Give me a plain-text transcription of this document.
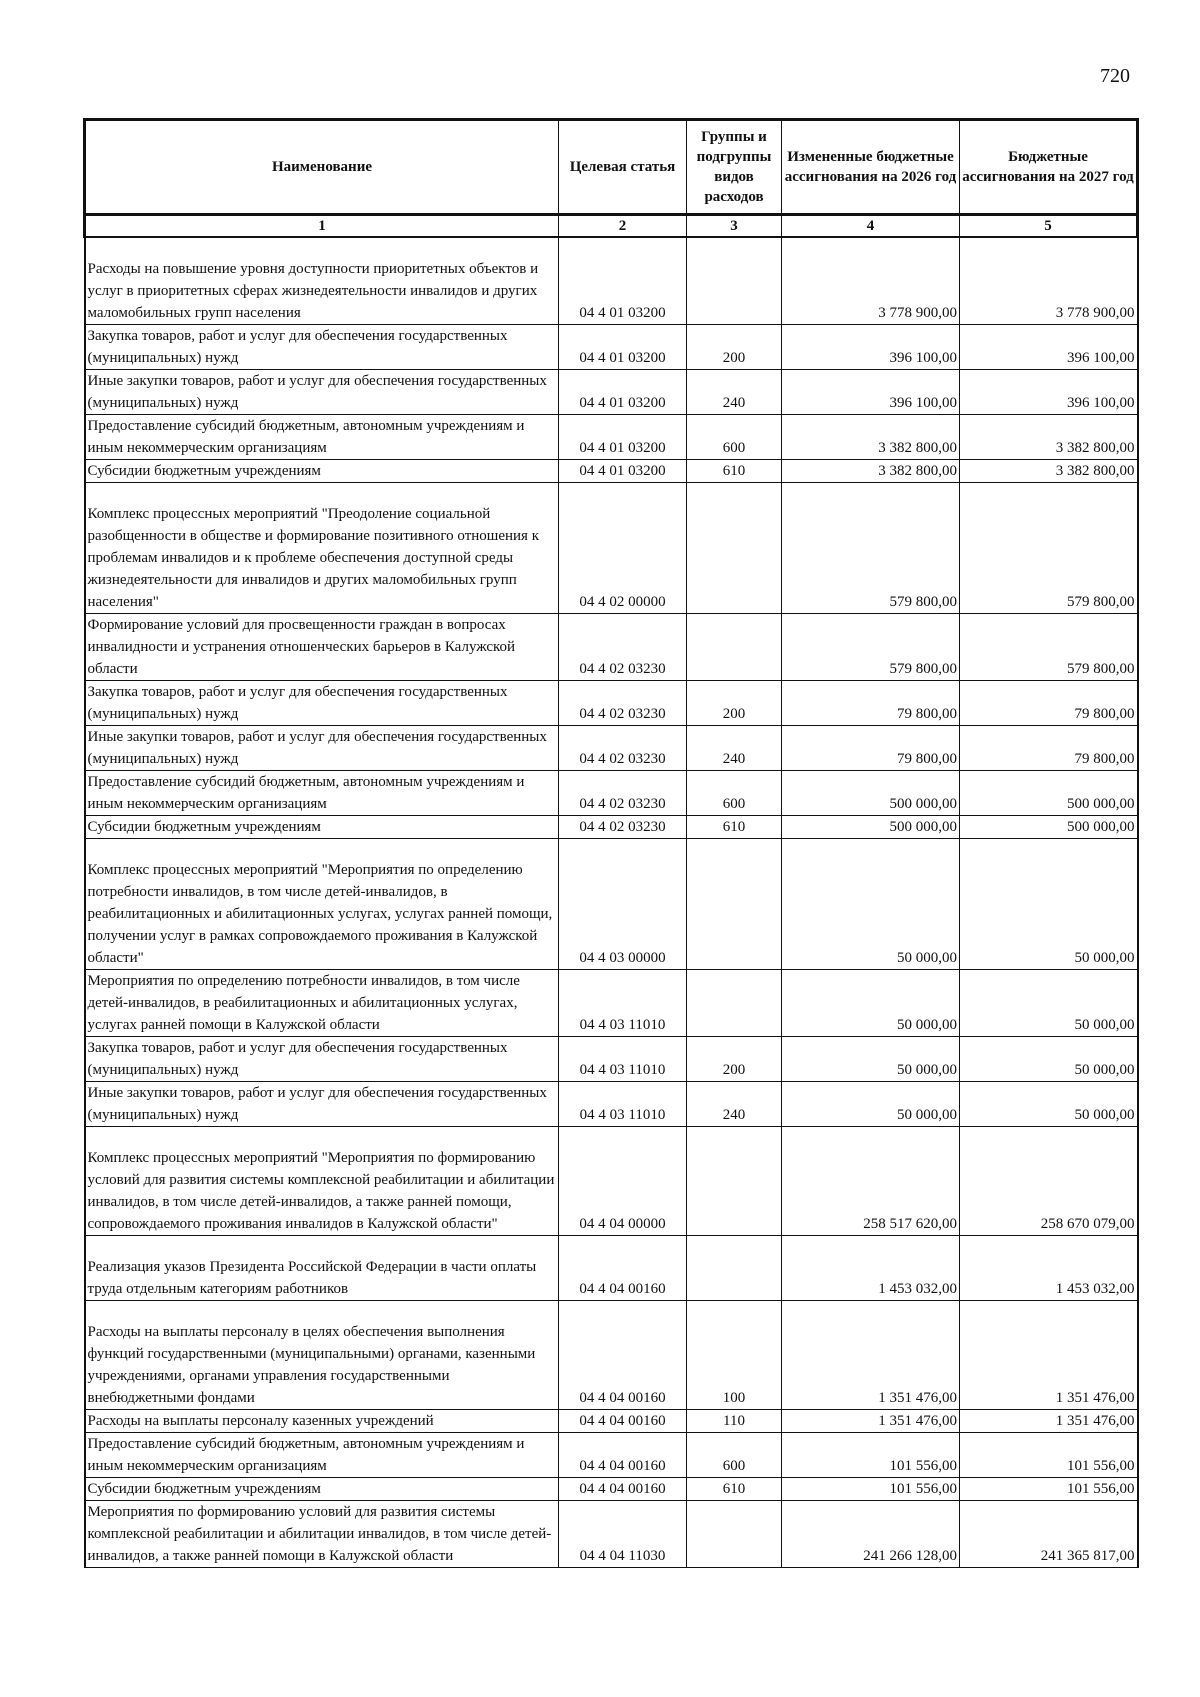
720
Наименование	Целевая статья	Группы и подгруппы видов расходов	Измененные бюджетные ассигнования на 2026 год	Бюджетные ассигнования на 2027 год
1	2	3	4	5
Расходы на повышение уровня доступности приоритетных объектов и услуг в приоритетных сферах жизнедеятельности инвалидов и других маломобильных групп населения	04 4 01 03200		3 778 900,00	3 778 900,00
Закупка товаров, работ и услуг для обеспечения государственных (муниципальных) нужд	04 4 01 03200	200	396 100,00	396 100,00
Иные закупки товаров, работ и услуг для обеспечения государственных (муниципальных) нужд	04 4 01 03200	240	396 100,00	396 100,00
Предоставление субсидий бюджетным, автономным учреждениям и иным некоммерческим организациям	04 4 01 03200	600	3 382 800,00	3 382 800,00
Субсидии бюджетным учреждениям	04 4 01 03200	610	3 382 800,00	3 382 800,00
Комплекс процессных мероприятий "Преодоление социальной разобщенности в обществе и формирование позитивного отношения к проблемам инвалидов и к проблеме обеспечения доступной среды жизнедеятельности для инвалидов и других маломобильных групп населения"	04 4 02 00000		579 800,00	579 800,00
Формирование условий для просвещенности граждан в вопросах инвалидности и устранения отношенческих барьеров в Калужской области	04 4 02 03230		579 800,00	579 800,00
Закупка товаров, работ и услуг для обеспечения государственных (муниципальных) нужд	04 4 02 03230	200	79 800,00	79 800,00
Иные закупки товаров, работ и услуг для обеспечения государственных (муниципальных) нужд	04 4 02 03230	240	79 800,00	79 800,00
Предоставление субсидий бюджетным, автономным учреждениям и иным некоммерческим организациям	04 4 02 03230	600	500 000,00	500 000,00
Субсидии бюджетным учреждениям	04 4 02 03230	610	500 000,00	500 000,00
Комплекс процессных мероприятий "Мероприятия по определению потребности инвалидов, в том числе детей-инвалидов, в реабилитационных и абилитационных услугах, услугах ранней помощи, получении услуг в рамках сопровождаемого проживания в Калужской области"	04 4 03 00000		50 000,00	50 000,00
Мероприятия по определению потребности инвалидов, в том числе детей-инвалидов, в реабилитационных и абилитационных услугах, услугах ранней помощи в Калужской области	04 4 03 11010		50 000,00	50 000,00
Закупка товаров, работ и услуг для обеспечения государственных (муниципальных) нужд	04 4 03 11010	200	50 000,00	50 000,00
Иные закупки товаров, работ и услуг для обеспечения государственных (муниципальных) нужд	04 4 03 11010	240	50 000,00	50 000,00
Комплекс процессных мероприятий "Мероприятия по формированию условий для развития системы комплексной реабилитации и абилитации инвалидов, в том числе детей-инвалидов, а также ранней помощи, сопровождаемого проживания инвалидов в Калужской области"	04 4 04 00000		258 517 620,00	258 670 079,00
Реализация указов Президента Российской Федерации в части оплаты труда отдельным категориям работников	04 4 04 00160		1 453 032,00	1 453 032,00
Расходы на выплаты персоналу в целях обеспечения выполнения функций государственными (муниципальными) органами, казенными учреждениями, органами управления государственными внебюджетными фондами	04 4 04 00160	100	1 351 476,00	1 351 476,00
Расходы на выплаты персоналу казенных учреждений	04 4 04 00160	110	1 351 476,00	1 351 476,00
Предоставление субсидий бюджетным, автономным учреждениям и иным некоммерческим организациям	04 4 04 00160	600	101 556,00	101 556,00
Субсидии бюджетным учреждениям	04 4 04 00160	610	101 556,00	101 556,00
Мероприятия по формированию условий для развития системы комплексной реабилитации и абилитации инвалидов, в том числе детей-инвалидов, а также ранней помощи в Калужской области	04 4 04 11030		241 266 128,00	241 365 817,00
